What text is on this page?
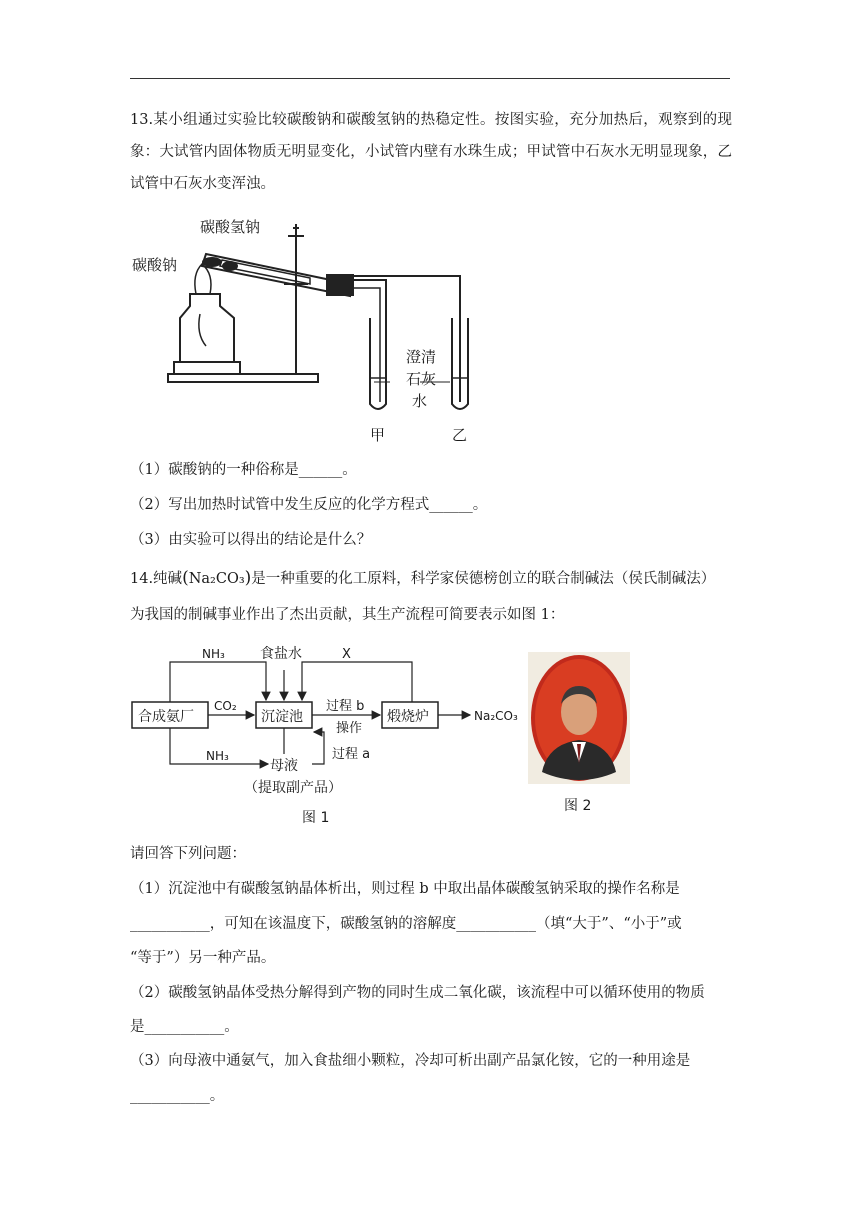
13.某小组通过实验比较碳酸钠和碳酸氢钠的热稳定性。按图实验，充分加热后，观察到的现象：大试管内固体物质无明显变化，小试管内壁有水珠生成；甲试管中石灰水无明显现象，乙试管中石灰水变浑浊。
碳酸氢钠
碳酸钠
澄清
石灰
水
甲	乙
（1）碳酸钠的一种俗称是______。
（2）写出加热时试管中发生反应的化学方程式______。
（3）由实验可以得出的结论是什么？
14.纯碱(Na₂CO₃)是一种重要的化工原料，科学家侯德榜创立的联合制碱法（侯氏制碱法）
为我国的制碱事业作出了杰出贡献，其生产流程可简要表示如图 1：
合成氨厂	沉淀池	煅烧炉
NH₃	食盐水	X
CO₂	过程 b
操作
过程 a
NH₃
母液
（提取副产品）
Na₂CO₃
图 1
图 2
请回答下列问题：
（1）沉淀池中有碳酸氢钠晶体析出，则过程 b 中取出晶体碳酸氢钠采取的操作名称是
___________，可知在该温度下，碳酸氢钠的溶解度___________（填“大于”、“小于”或
“等于”）另一种产品。
（2）碳酸氢钠晶体受热分解得到产物的同时生成二氧化碳，该流程中可以循环使用的物质
是___________。
（3）向母液中通氨气，加入食盐细小颗粒，冷却可析出副产品氯化铵，它的一种用途是
___________。
